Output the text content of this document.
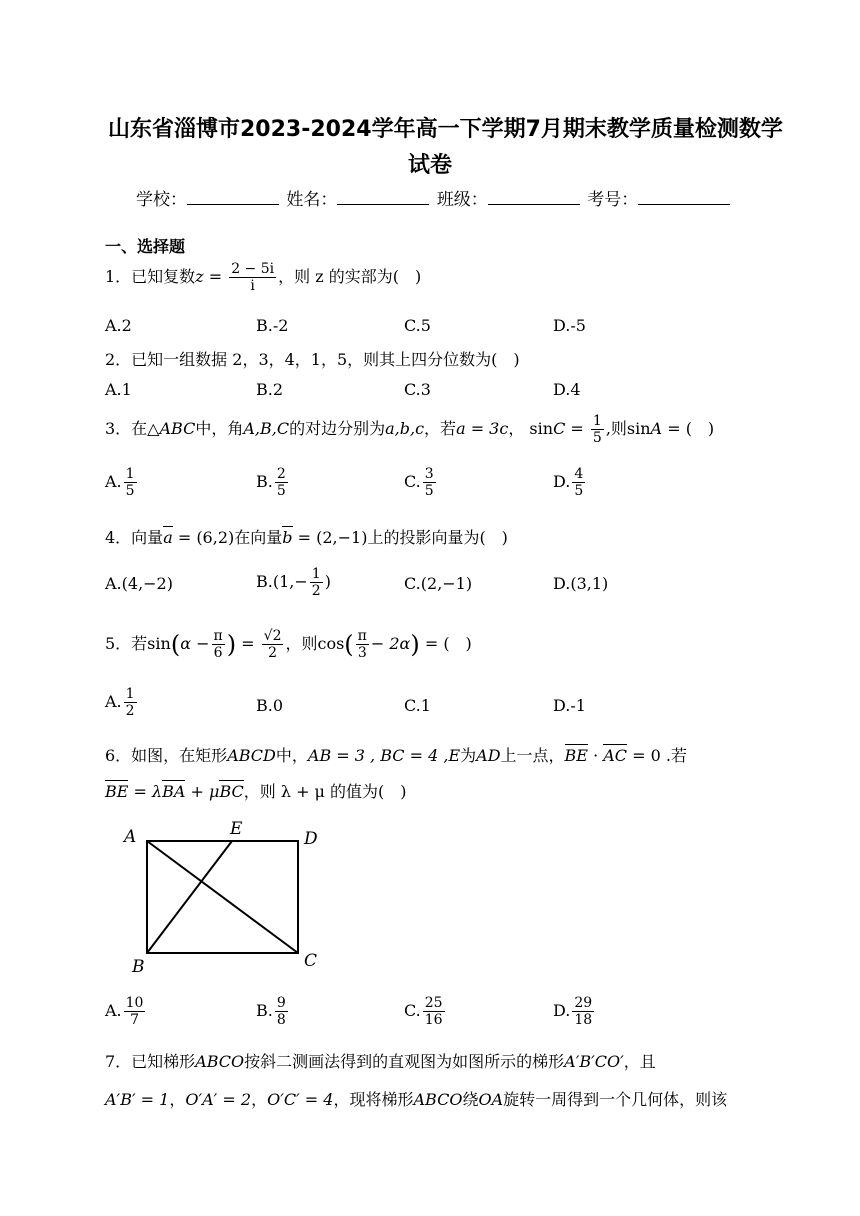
山东省淄博市2023-2024学年高一下学期7月期末教学质量检测数学
试卷
学校：	姓名：	班级：	考号：
一、选择题
1．已知复数$z = \frac{2 - 5i}{i}$ ，则 z 的实部为(　)
A.2	B.-2	C.5	D.-5
2．已知一组数据 2，3，4，1，5，则其上四分位数为(　)
A.1	B.2	C.3	D.4
3．在△ABC中，角A,B,C的对边分别为a,b,c，若a = 3c， $\sin C = \frac{1}{5}$ ,则sinA = (　)
A. $\frac{1}{5}$	B. $\frac{2}{5}$	C. $\frac{3}{5}$	D. $\frac{4}{5}$
4．向量a = (6,2)在向量b = (2,−1)上的投影向量为(　)
A.(4,−2)	$B.(1,- \frac{1}{2}$ )	C.(2,−1)	D.(3,1)
5．若$\sin(\alpha - \frac{\pi}{6}$ ) = $\frac{√2}{2}$ ，则$\cos( \frac{\pi}{3} - 2\alpha)$ = (　)
A. $\frac{1}{2}$	B.0	C.1	D.-1
6．如图，在矩形ABCD中，AB = 3 , BC = 4 ,E为AD上一点，BE · AC = 0 .若
BE = λBA + μBC，则 λ + μ 的值为(　)
A	E	D
B	C
A. $\frac{10}{7}$	B. $\frac{9}{8}$	C. $\frac{25}{16}$	D. $\frac{29}{18}$
7．已知梯形ABCO按斜二测画法得到的直观图为如图所示的梯形A′B′CO′，且
A′B′ = 1，O′A′ = 2，O′C′ = 4，现将梯形ABCO绕OA旋转一周得到一个几何体，则该
